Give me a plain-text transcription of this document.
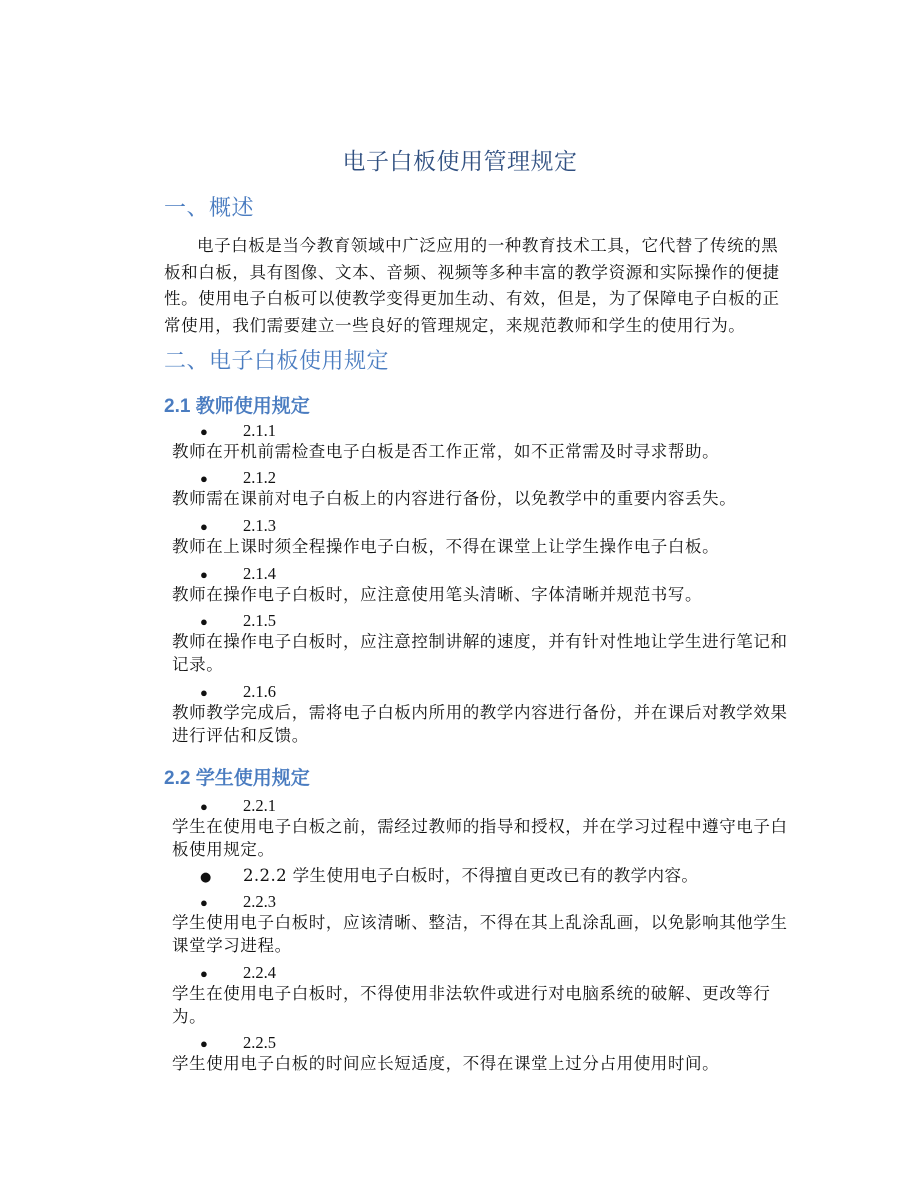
电子白板使用管理规定
一、概述

电子白板是当今教育领域中广泛应用的一种教育技术工具，它代替了传统的黑板和白板，具有图像、文本、音频、视频等多种丰富的教学资源和实际操作的便捷性。使用电子白板可以使教学变得更加生动、有效，但是，为了保障电子白板的正常使用，我们需要建立一些良好的管理规定，来规范教师和学生的使用行为。

二、电子白板使用规定
2.1 教师使用规定
● 2.1.1

教师在开机前需检查电子白板是否工作正常，如不正常需及时寻求帮助。

● 2.1.2

教师需在课前对电子白板上的内容进行备份，以免教学中的重要内容丢失。

● 2.1.3

教师在上课时须全程操作电子白板，不得在课堂上让学生操作电子白板。

● 2.1.4

教师在操作电子白板时，应注意使用笔头清晰、字体清晰并规范书写。

● 2.1.5

教师在操作电子白板时，应注意控制讲解的速度，并有针对性地让学生进行笔记和记录。

● 2.1.6

教师教学完成后，需将电子白板内所用的教学内容进行备份，并在课后对教学效果进行评估和反馈。

2.2 学生使用规定
● 2.2.1

学生在使用电子白板之前，需经过教师的指导和授权，并在学习过程中遵守电子白板使用规定。

● 2.2.2 学生使用电子白板时，不得擅自更改已有的教学内容。
● 2.2.3

学生使用电子白板时，应该清晰、整洁，不得在其上乱涂乱画，以免影响其他学生课堂学习进程。

● 2.2.4

学生在使用电子白板时，不得使用非法软件或进行对电脑系统的破解、更改等行为。

● 2.2.5

学生使用电子白板的时间应长短适度，不得在课堂上过分占用使用时间。
